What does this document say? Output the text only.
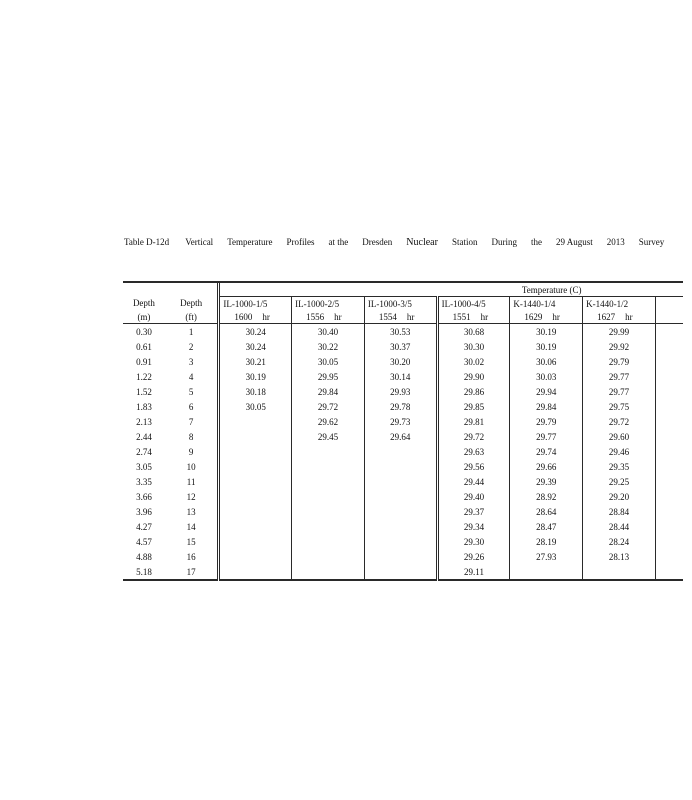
Table D-12d Vertical Temperature Profiles at the Dresden Nuclear Station During the 29 August 2013 Survey

		Temperature (C)						
Depth	Depth	IL-1000-1/5	IL-1000-2/5	IL-1000-3/5	IL-1000-4/5	K-1440-1/4	K-1440-1/2	
(m)	(ft)	1600 hr	1556 hr	1554 hr	1551 hr	1629 hr	1627 hr	
0.30	1	30.24	30.40	30.53	30.68	30.19	29.99	
0.61	2	30.24	30.22	30.37	30.30	30.19	29.92	
0.91	3	30.21	30.05	30.20	30.02	30.06	29.79	
1.22	4	30.19	29.95	30.14	29.90	30.03	29.77	
1.52	5	30.18	29.84	29.93	29.86	29.94	29.77	
1.83	6	30.05	29.72	29.78	29.85	29.84	29.75	
2.13	7		29.62	29.73	29.81	29.79	29.72	
2.44	8		29.45	29.64	29.72	29.77	29.60	
2.74	9				29.63	29.74	29.46	
3.05	10				29.56	29.66	29.35	
3.35	11				29.44	29.39	29.25	
3.66	12				29.40	28.92	29.20	
3.96	13				29.37	28.64	28.84	
4.27	14				29.34	28.47	28.44	
4.57	15				29.30	28.19	28.24	
4.88	16				29.26	27.93	28.13	
5.18	17				29.11			
